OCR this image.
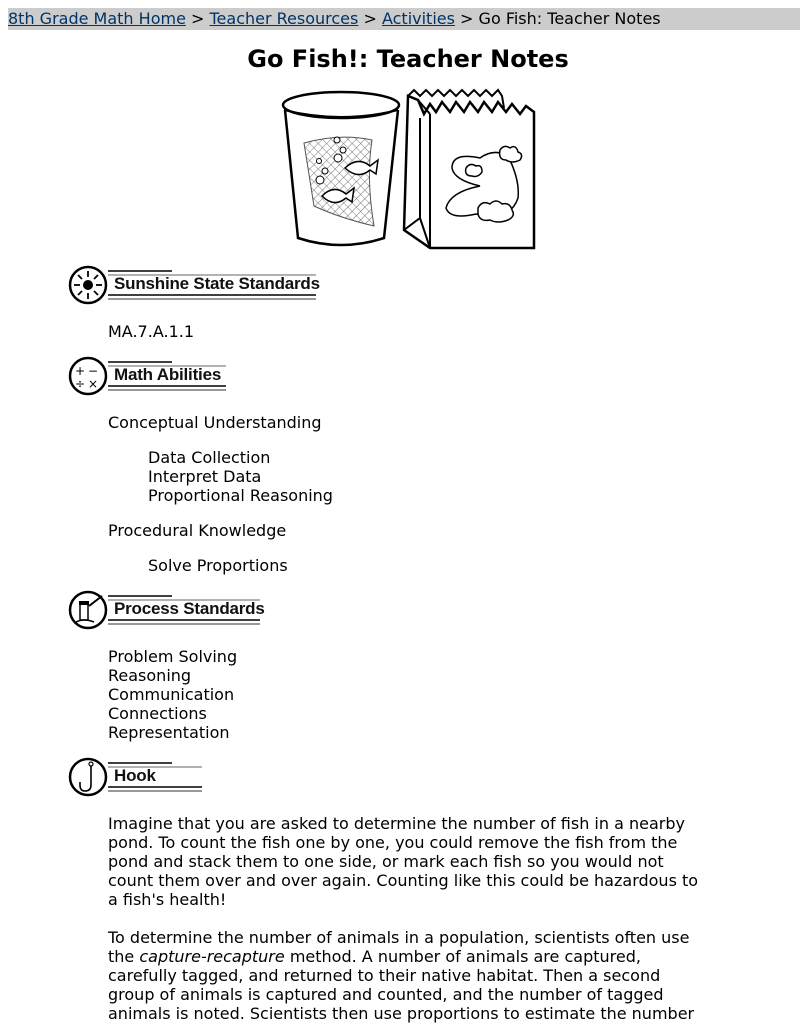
8th Grade Math Home > Teacher Resources > Activities > Go Fish: Teacher Notes
Go Fish!: Teacher Notes
Sunshine State Standards
MA.7.A.1.1
+ −
÷ × Math Abilities
Conceptual Understanding
Data Collection
Interpret Data
Proportional Reasoning
Procedural Knowledge
Solve Proportions
Process Standards
Problem Solving
Reasoning
Communication
Connections
Representation
Hook

Imagine that you are asked to determine the number of fish in a nearby pond. To count the fish one by one, you could remove the fish from the pond and stack them to one side, or mark each fish so you would not count them over and over again. Counting like this could be hazardous to a fish's health!

To determine the number of animals in a population, scientists often use the capture-recapture method. A number of animals are captured, carefully tagged, and returned to their native habitat. Then a second group of animals is captured and counted, and the number of tagged animals is noted. Scientists then use proportions to estimate the number
